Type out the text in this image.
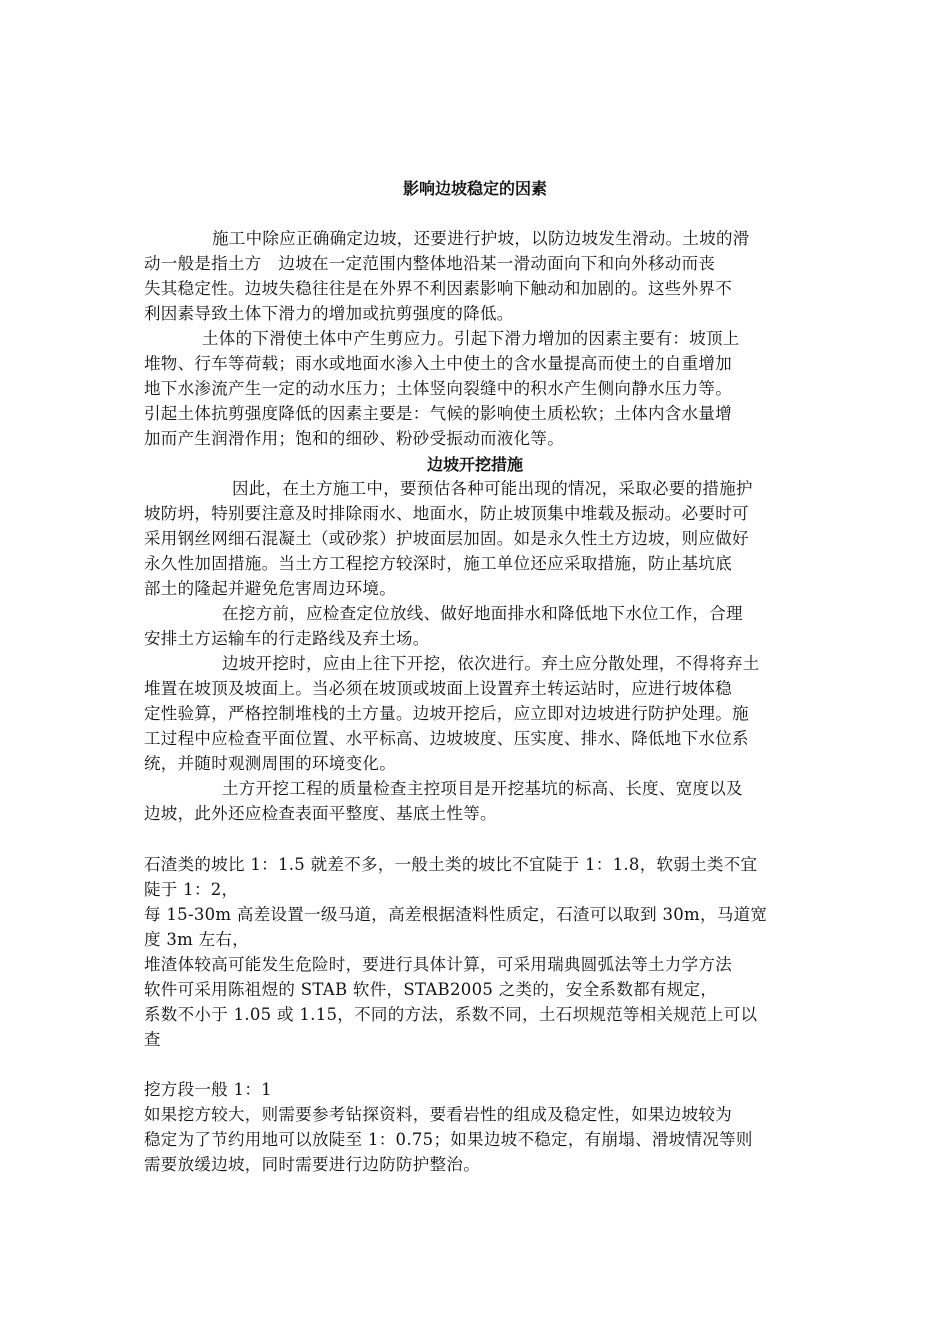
影响边坡稳定的因素
施工中除应正确确定边坡，还要进行护坡，以防边坡发生滑动。土坡的滑
动一般是指土方　边坡在一定范围内整体地沿某一滑动面向下和向外移动而丧
失其稳定性。边坡失稳往往是在外界不利因素影响下触动和加剧的。这些外界不
利因素导致土体下滑力的增加或抗剪强度的降低。
土体的下滑使土体中产生剪应力。引起下滑力增加的因素主要有：坡顶上
堆物、行车等荷载；雨水或地面水渗入土中使土的含水量提高而使土的自重增加
地下水渗流产生一定的动水压力；土体竖向裂缝中的积水产生侧向静水压力等。
引起土体抗剪强度降低的因素主要是：气候的影响使土质松软；土体内含水量增
加而产生润滑作用；饱和的细砂、粉砂受振动而液化等。
边坡开挖措施
因此，在土方施工中，要预估各种可能出现的情况，采取必要的措施护
坡防坍，特别要注意及时排除雨水、地面水，防止坡顶集中堆载及振动。必要时可
采用钢丝网细石混凝土（或砂浆）护坡面层加固。如是永久性土方边坡，则应做好
永久性加固措施。当土方工程挖方较深时，施工单位还应采取措施，防止基坑底
部土的隆起并避免危害周边环境。
在挖方前，应检查定位放线、做好地面排水和降低地下水位工作，合理
安排土方运输车的行走路线及弃土场。
边坡开挖时，应由上往下开挖，依次进行。弃土应分散处理，不得将弃土
堆置在坡顶及坡面上。当必须在坡顶或坡面上设置弃土转运站时，应进行坡体稳
定性验算，严格控制堆栈的土方量。边坡开挖后，应立即对边坡进行防护处理。施
工过程中应检查平面位置、水平标高、边坡坡度、压实度、排水、降低地下水位系
统，并随时观测周围的环境变化。
土方开挖工程的质量检查主控项目是开挖基坑的标高、长度、宽度以及
边坡，此外还应检查表面平整度、基底土性等。
石渣类的坡比 1：1.5 就差不多，一般土类的坡比不宜陡于 1：1.8，软弱土类不宜
陡于 1：2，
每 15-30m 高差设置一级马道，高差根据渣料性质定，石渣可以取到 30m，马道宽
度 3m 左右，
堆渣体较高可能发生危险时，要进行具体计算，可采用瑞典圆弧法等土力学方法
软件可采用陈祖煜的 STAB 软件，STAB2005 之类的，安全系数都有规定，
系数不小于 1.05 或 1.15，不同的方法，系数不同，土石坝规范等相关规范上可以
查
挖方段一般 1：1
如果挖方较大，则需要参考钻探资料，要看岩性的组成及稳定性，如果边坡较为
稳定为了节约用地可以放陡至 1：0.75；如果边坡不稳定，有崩塌、滑坡情况等则
需要放缓边坡，同时需要进行边防防护整治。
